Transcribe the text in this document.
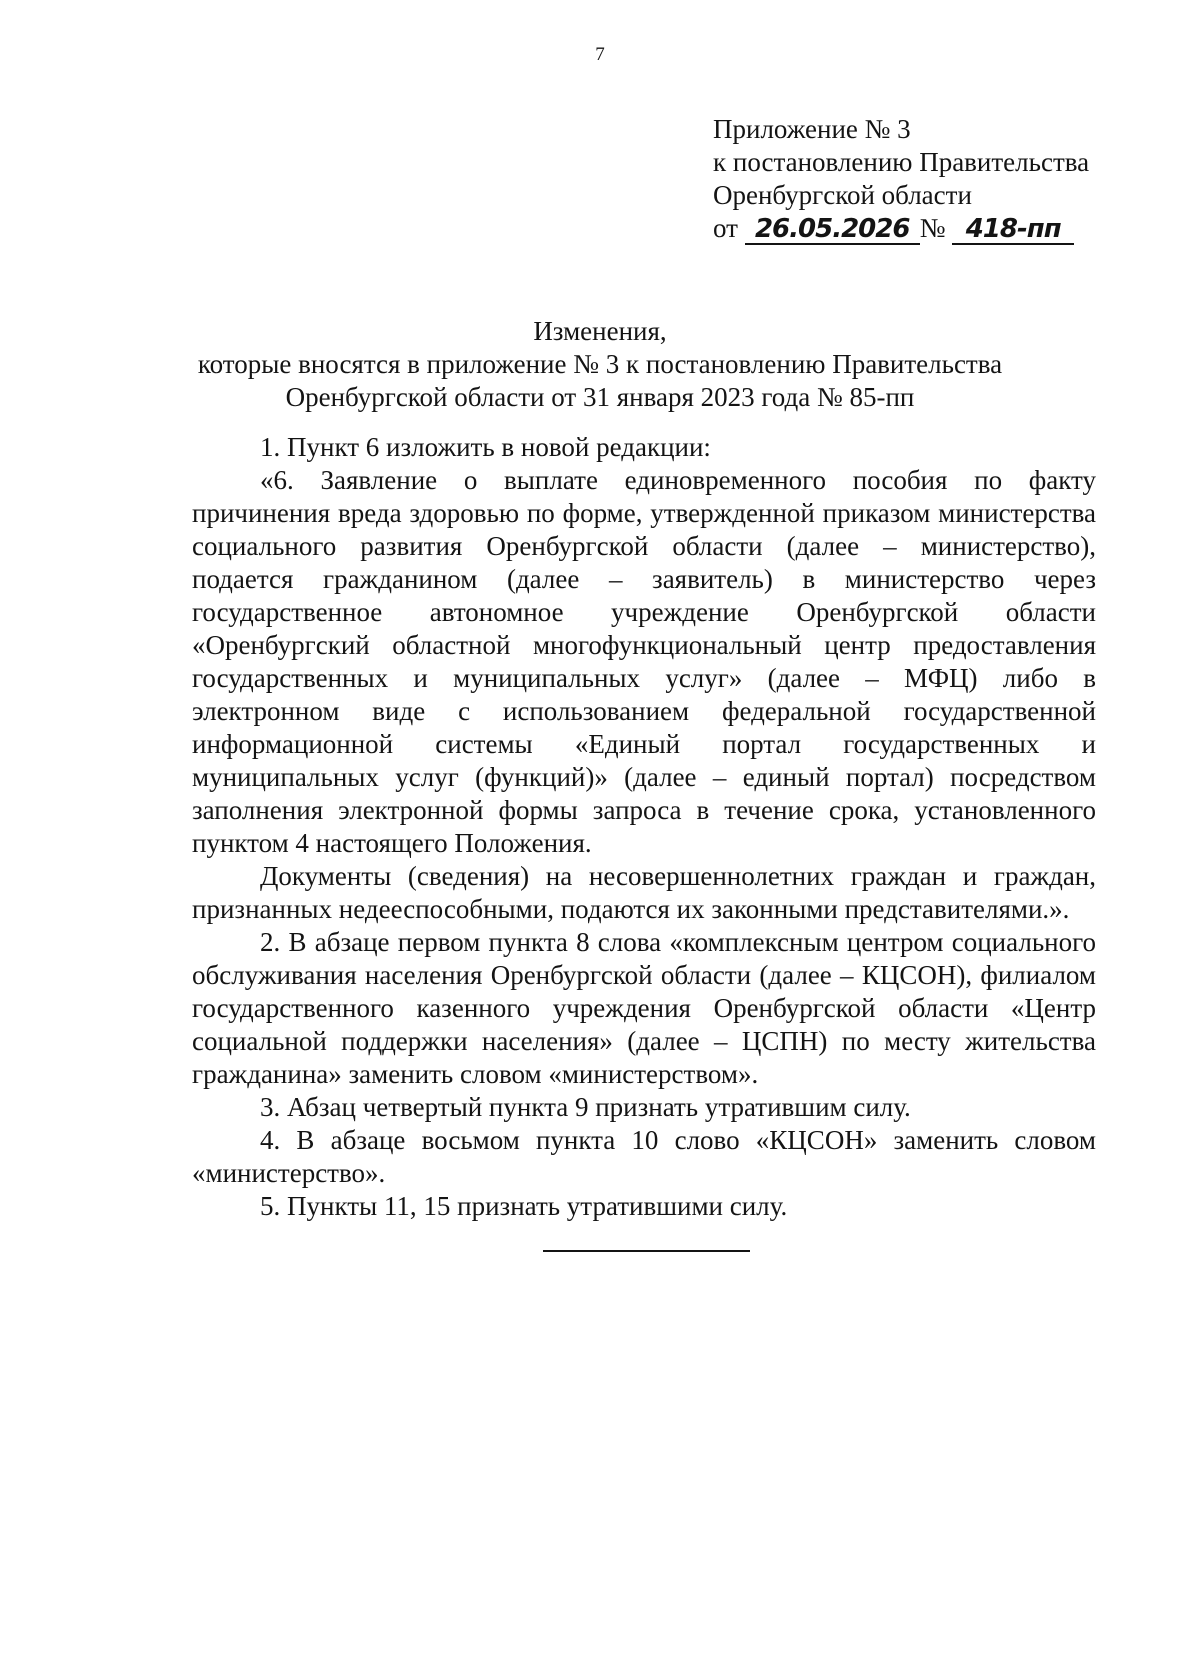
7
Приложение № 3
к постановлению Правительства
Оренбургской области
от 26.05.2026 № 418-пп
Изменения,
которые вносятся в приложение № 3 к постановлению Правительства
Оренбургской области от 31 января 2023 года № 85-пп

1. Пункт 6 изложить в новой редакции:

«6. Заявление о выплате единовременного пособия по факту причинения вреда здоровью по форме, утвержденной приказом министерства социального развития Оренбургской области (далее – министерство), подается гражданином (далее – заявитель) в министерство через государственное автономное учреждение Оренбургской области «Оренбургский областной многофункциональный центр предоставления государственных и муниципальных услуг» (далее – МФЦ) либо в электронном виде с использованием федеральной государственной информационной системы «Единый портал государственных и муниципальных услуг (функций)» (далее – единый портал) посредством заполнения электронной формы запроса в течение срока, установленного пунктом 4 настоящего Положения.

Документы (сведения) на несовершеннолетних граждан и граждан, признанных недееспособными, подаются их законными представителями.».

2. В абзаце первом пункта 8 слова «комплексным центром социального обслуживания населения Оренбургской области (далее – КЦСОН), филиалом государственного казенного учреждения Оренбургской области «Центр социальной поддержки населения» (далее – ЦСПН) по месту жительства гражданина» заменить словом «министерством».

3. Абзац четвертый пункта 9 признать утратившим силу.

4. В абзаце восьмом пункта 10 слово «КЦСОН» заменить словом «министерство».

5. Пункты 11, 15 признать утратившими силу.
